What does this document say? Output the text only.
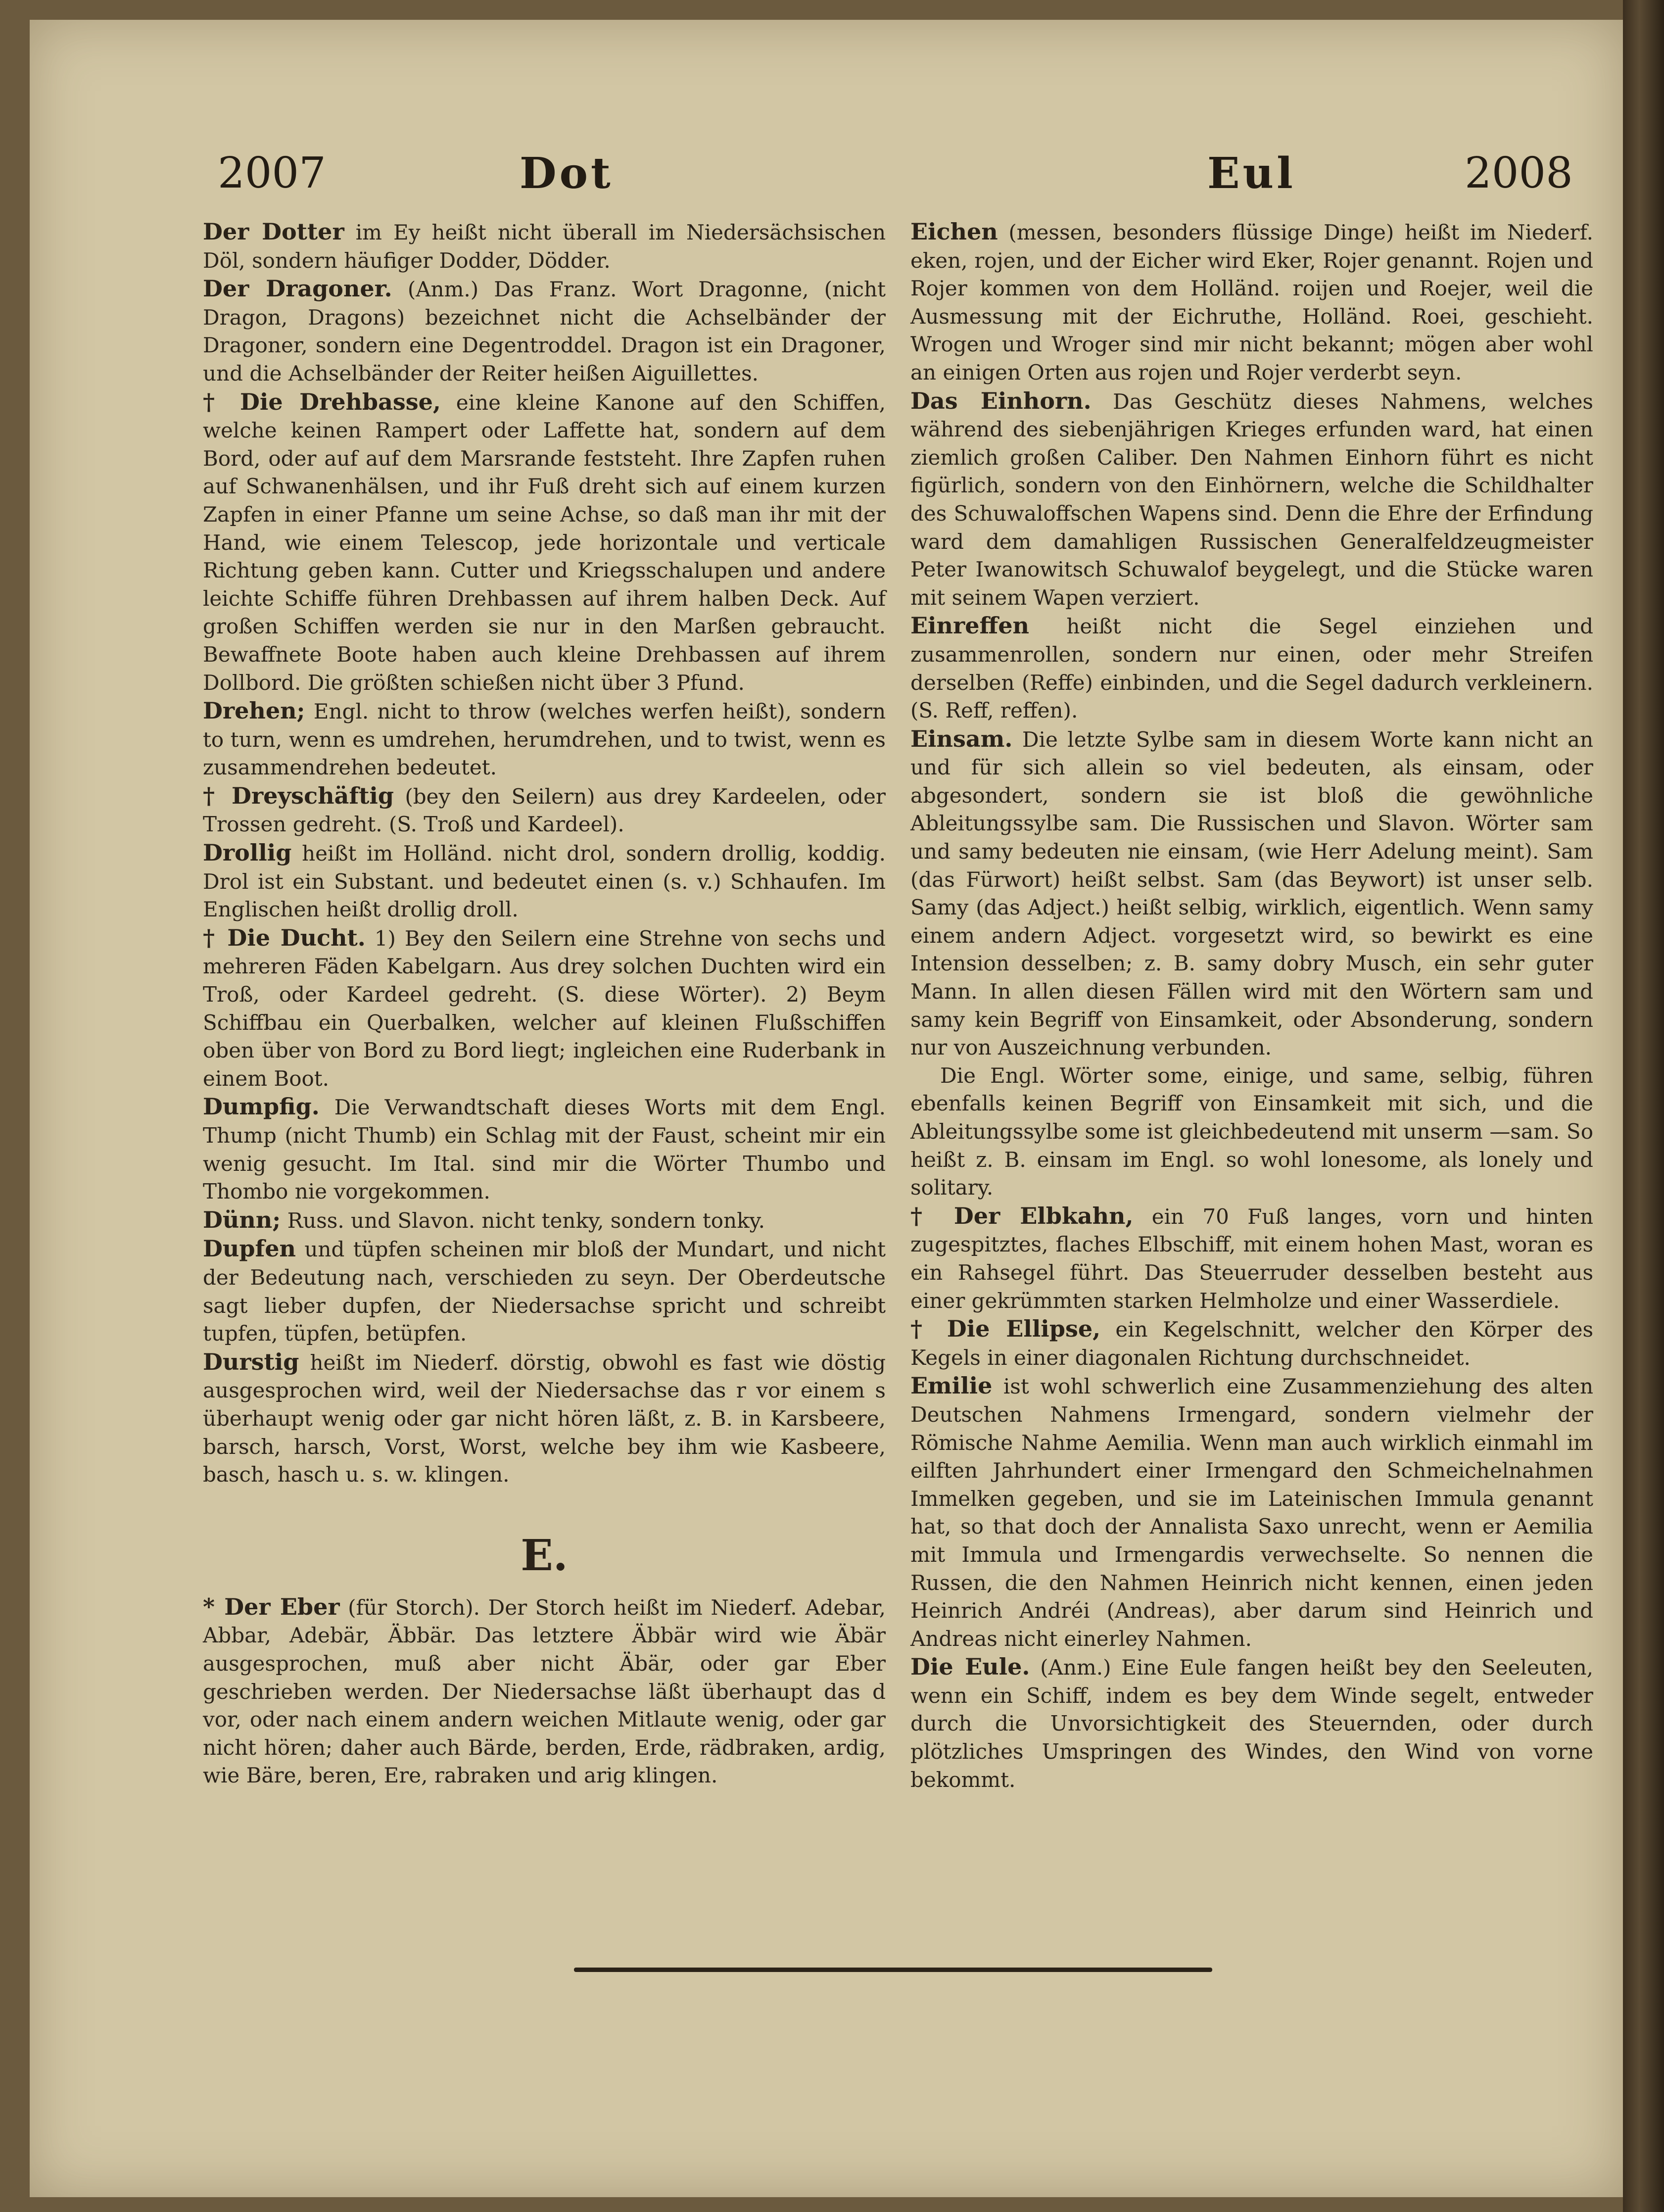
2007	Dot	Eul	2008

Der Dotter im Ey heißt nicht überall im Niedersächsischen Döl, sondern häufiger Dodder, Dödder.

Der Dragoner. (Anm.) Das Franz. Wort Dragonne, (nicht Dragon, Dragons) bezeichnet nicht die Achselbänder der Dragoner, sondern eine Degentroddel. Dragon ist ein Dragoner, und die Achselbänder der Reiter heißen Aiguillettes.

† Die Drehbasse, eine kleine Kanone auf den Schiffen, welche keinen Rampert oder Laffette hat, sondern auf dem Bord, oder auf auf dem Marsrande feststeht. Ihre Zapfen ruhen auf Schwanenhälsen, und ihr Fuß dreht sich auf einem kurzen Zapfen in einer Pfanne um seine Achse, so daß man ihr mit der Hand, wie einem Telescop, jede horizontale und verticale Richtung geben kann. Cutter und Kriegsschalupen und andere leichte Schiffe führen Drehbassen auf ihrem halben Deck. Auf großen Schiffen werden sie nur in den Marßen gebraucht. Bewaffnete Boote haben auch kleine Drehbassen auf ihrem Dollbord. Die größten schießen nicht über 3 Pfund.

Drehen; Engl. nicht to throw (welches werfen heißt), sondern to turn, wenn es umdrehen, herumdrehen, und to twist, wenn es zusammendrehen bedeutet.

† Dreyschäftig (bey den Seilern) aus drey Kardeelen, oder Trossen gedreht. (S. Troß und Kardeel).

Drollig heißt im Holländ. nicht drol, sondern drollig, koddig. Drol ist ein Substant. und bedeutet einen (s. v.) Schhaufen. Im Englischen heißt drollig droll.

† Die Ducht. 1) Bey den Seilern eine Strehne von sechs und mehreren Fäden Kabelgarn. Aus drey solchen Duchten wird ein Troß, oder Kardeel gedreht. (S. diese Wörter). 2) Beym Schiffbau ein Querbalken, welcher auf kleinen Flußschiffen oben über von Bord zu Bord liegt; ingleichen eine Ruderbank in einem Boot.

Dumpfig. Die Verwandtschaft dieses Worts mit dem Engl. Thump (nicht Thumb) ein Schlag mit der Faust, scheint mir ein wenig gesucht. Im Ital. sind mir die Wörter Thumbo und Thombo nie vorgekommen.

Dünn; Russ. und Slavon. nicht tenky, sondern tonky.

Dupfen und tüpfen scheinen mir bloß der Mundart, und nicht der Bedeutung nach, verschieden zu seyn. Der Oberdeutsche sagt lieber dupfen, der Niedersachse spricht und schreibt tupfen, tüpfen, betüpfen.

Durstig heißt im Niederf. dörstig, obwohl es fast wie döstig ausgesprochen wird, weil der Niedersachse das r vor einem s überhaupt wenig oder gar nicht hören läßt, z. B. in Karsbeere, barsch, harsch, Vorst, Worst, welche bey ihm wie Kasbeere, basch, hasch u. s. w. klingen.

E.

* Der Eber (für Storch). Der Storch heißt im Niederf. Adebar, Abbar, Adebär, Äbbär. Das letztere Äbbär wird wie Äbär ausgesprochen, muß aber nicht Äbär, oder gar Eber geschrieben werden. Der Niedersachse läßt überhaupt das d vor, oder nach einem andern weichen Mitlaute wenig, oder gar nicht hören; daher auch Bärde, berden, Erde, rädbraken, ardig, wie Bäre, beren, Ere, rabraken und arig klingen.

Eichen (messen, besonders flüssige Dinge) heißt im Niederf. eken, rojen, und der Eicher wird Eker, Rojer genannt. Rojen und Rojer kommen von dem Holländ. roijen und Roejer, weil die Ausmessung mit der Eichruthe, Holländ. Roei, geschieht. Wrogen und Wroger sind mir nicht bekannt; mögen aber wohl an einigen Orten aus rojen und Rojer verderbt seyn.

Das Einhorn. Das Geschütz dieses Nahmens, welches während des siebenjährigen Krieges erfunden ward, hat einen ziemlich großen Caliber. Den Nahmen Einhorn führt es nicht figürlich, sondern von den Einhörnern, welche die Schildhalter des Schuwaloffschen Wapens sind. Denn die Ehre der Erfindung ward dem damahligen Russischen Generalfeldzeugmeister Peter Iwanowitsch Schuwalof beygelegt, und die Stücke waren mit seinem Wapen verziert.

Einreffen heißt nicht die Segel einziehen und zusammenrollen, sondern nur einen, oder mehr Streifen derselben (Reffe) einbinden, und die Segel dadurch verkleinern. (S. Reff, reffen).

Einsam. Die letzte Sylbe sam in diesem Worte kann nicht an und für sich allein so viel bedeuten, als einsam, oder abgesondert, sondern sie ist bloß die gewöhnliche Ableitungssylbe sam. Die Russischen und Slavon. Wörter sam und samy bedeuten nie einsam, (wie Herr Adelung meint). Sam (das Fürwort) heißt selbst. Sam (das Beywort) ist unser selb. Samy (das Adject.) heißt selbig, wirklich, eigentlich. Wenn samy einem andern Adject. vorgesetzt wird, so bewirkt es eine Intension desselben; z. B. samy dobry Musch, ein sehr guter Mann. In allen diesen Fällen wird mit den Wörtern sam und samy kein Begriff von Einsamkeit, oder Absonderung, sondern nur von Auszeichnung verbunden.

Die Engl. Wörter some, einige, und same, selbig, führen ebenfalls keinen Begriff von Einsamkeit mit sich, und die Ableitungssylbe some ist gleichbedeutend mit unserm —sam. So heißt z. B. einsam im Engl. so wohl lonesome, als lonely und solitary.

† Der Elbkahn, ein 70 Fuß langes, vorn und hinten zugespitztes, flaches Elbschiff, mit einem hohen Mast, woran es ein Rahsegel führt. Das Steuerruder desselben besteht aus einer gekrümmten starken Helmholze und einer Wasserdiele.

† Die Ellipse, ein Kegelschnitt, welcher den Körper des Kegels in einer diagonalen Richtung durchschneidet.

Emilie ist wohl schwerlich eine Zusammenziehung des alten Deutschen Nahmens Irmengard, sondern vielmehr der Römische Nahme Aemilia. Wenn man auch wirklich einmahl im eilften Jahrhundert einer Irmengard den Schmeichelnahmen Immelken gegeben, und sie im Lateinischen Immula genannt hat, so that doch der Annalista Saxo unrecht, wenn er Aemilia mit Immula und Irmengardis verwechselte. So nennen die Russen, die den Nahmen Heinrich nicht kennen, einen jeden Heinrich Andréi (Andreas), aber darum sind Heinrich und Andreas nicht einerley Nahmen.

Die Eule. (Anm.) Eine Eule fangen heißt bey den Seeleuten, wenn ein Schiff, indem es bey dem Winde segelt, entweder durch die Unvorsichtigkeit des Steuernden, oder durch plötzliches Umspringen des Windes, den Wind von vorne bekommt.
